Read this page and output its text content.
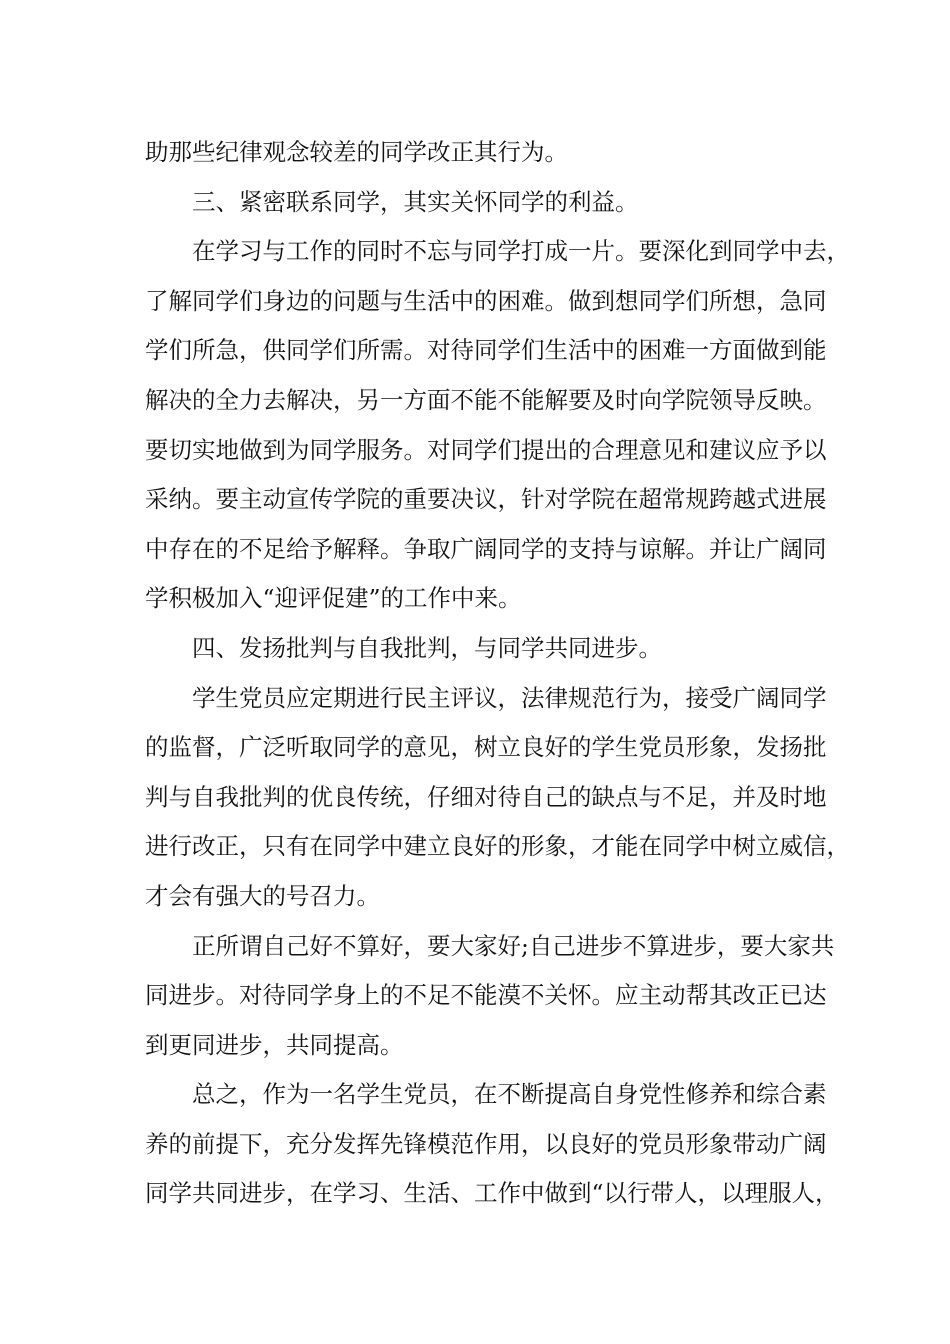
助那些纪律观念较差的同学改正其行为。
三、紧密联系同学，其实关怀同学的利益。
在学习与工作的同时不忘与同学打成一片。要深化到同学中去，
了解同学们身边的问题与生活中的困难。做到想同学们所想，急同
学们所急，供同学们所需。对待同学们生活中的困难一方面做到能
解决的全力去解决，另一方面不能不能解要及时向学院领导反映。
要切实地做到为同学服务。对同学们提出的合理意见和建议应予以
采纳。要主动宣传学院的重要决议，针对学院在超常规跨越式进展
中存在的不足给予解释。争取广阔同学的支持与谅解。并让广阔同
学积极加入“迎评促建”的工作中来。
四、发扬批判与自我批判，与同学共同进步。
学生党员应定期进行民主评议，法律规范行为，接受广阔同学
的监督，广泛听取同学的意见，树立良好的学生党员形象，发扬批
判与自我批判的优良传统，仔细对待自己的缺点与不足，并及时地
进行改正，只有在同学中建立良好的形象，才能在同学中树立威信，
才会有强大的号召力。
正所谓自己好不算好，要大家好;自己进步不算进步，要大家共
同进步。对待同学身上的不足不能漠不关怀。应主动帮其改正已达
到更同进步，共同提高。
总之，作为一名学生党员，在不断提高自身党性修养和综合素
养的前提下，充分发挥先锋模范作用，以良好的党员形象带动广阔
同学共同进步，在学习、生活、工作中做到“以行带人，以理服人，
